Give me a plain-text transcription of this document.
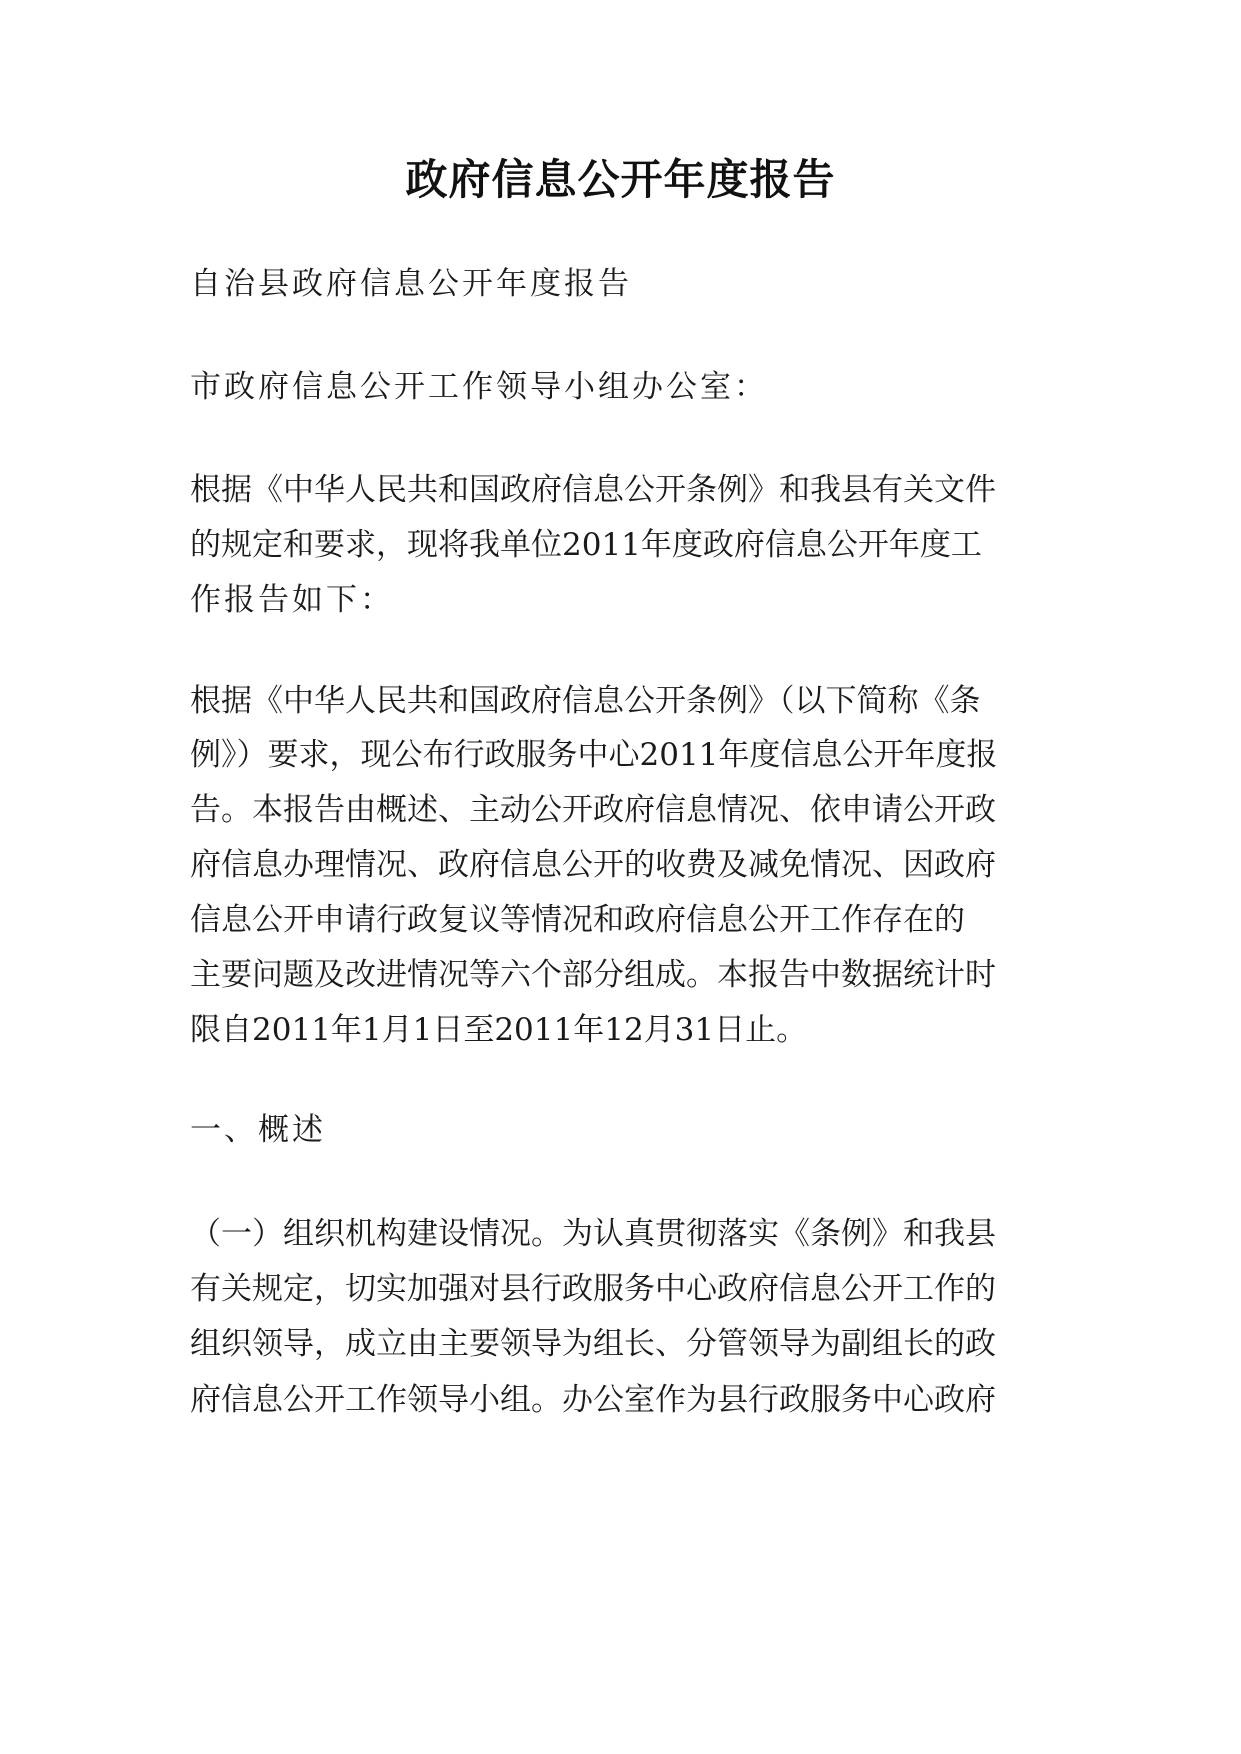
政府信息公开年度报告

自治县政府信息公开年度报告

市政府信息公开工作领导小组办公室：

根据《中华人民共和国政府信息公开条例》和我县有关文件

的规定和要求，现将我单位2011年度政府信息公开年度工

作报告如下：

根据《中华人民共和国政府信息公开条例》（以下简称《条

例》）要求，现公布行政服务中心2011年度信息公开年度报

告。本报告由概述、主动公开政府信息情况、依申请公开政

府信息办理情况、政府信息公开的收费及减免情况、因政府

信息公开申请行政复议等情况和政府信息公开工作存在的

主要问题及改进情况等六个部分组成。本报告中数据统计时

限自2011年1月1日至2011年12月31日止。

一、概述

（一）组织机构建设情况。为认真贯彻落实《条例》和我县

有关规定，切实加强对县行政服务中心政府信息公开工作的

组织领导，成立由主要领导为组长、分管领导为副组长的政

府信息公开工作领导小组。办公室作为县行政服务中心政府
